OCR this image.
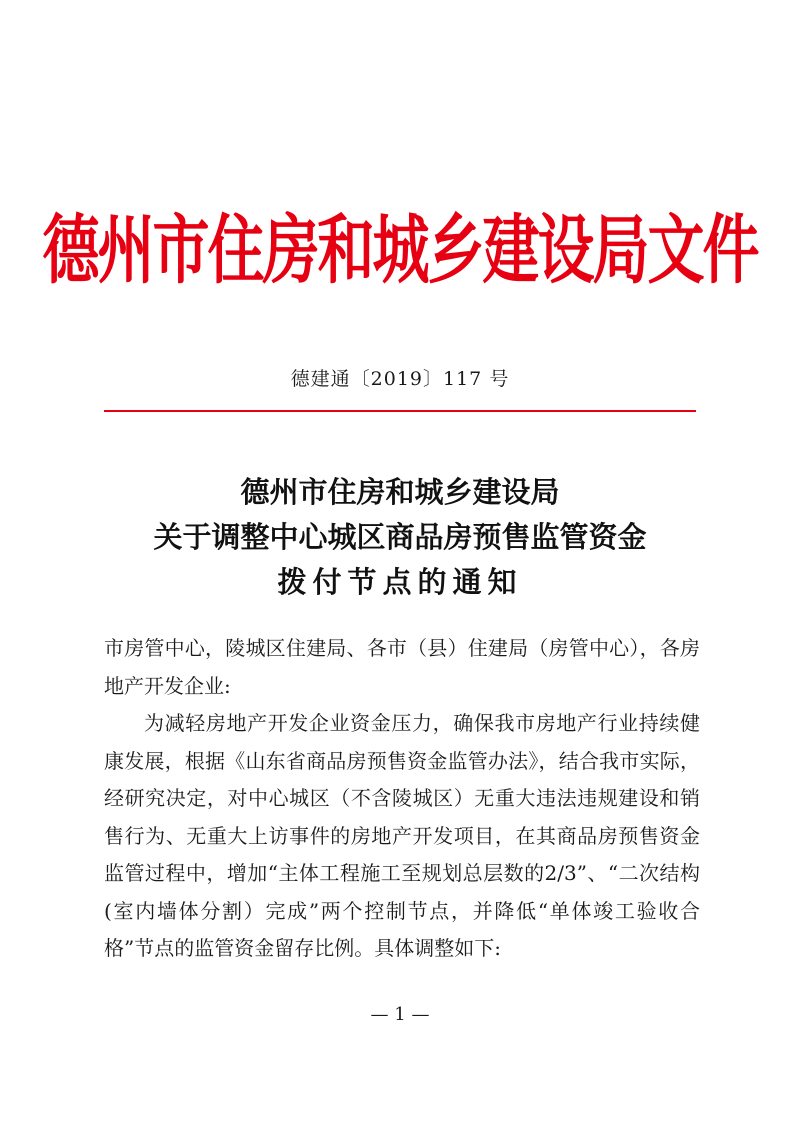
德州市住房和城乡建设局文件
德建通〔2019〕117 号
德州市住房和城乡建设局
关于调整中心城区商品房预售监管资金
拨付节点的通知

市房管中心，陵城区住建局、各市（县）住建局（房管中心），各房地产开发企业:

为减轻房地产开发企业资金压力，确保我市房地产行业持续健康发展，根据《山东省商品房预售资金监管办法》，结合我市实际，经研究决定，对中心城区（不含陵城区）无重大违法违规建设和销售行为、无重大上访事件的房地产开发项目，在其商品房预售资金监管过程中，增加“主体工程施工至规划总层数的2/3”、“二次结构(室内墙体分割）完成”两个控制节点，并降低“单体竣工验收合格”节点的监管资金留存比例。具体调整如下:

— 1 —
